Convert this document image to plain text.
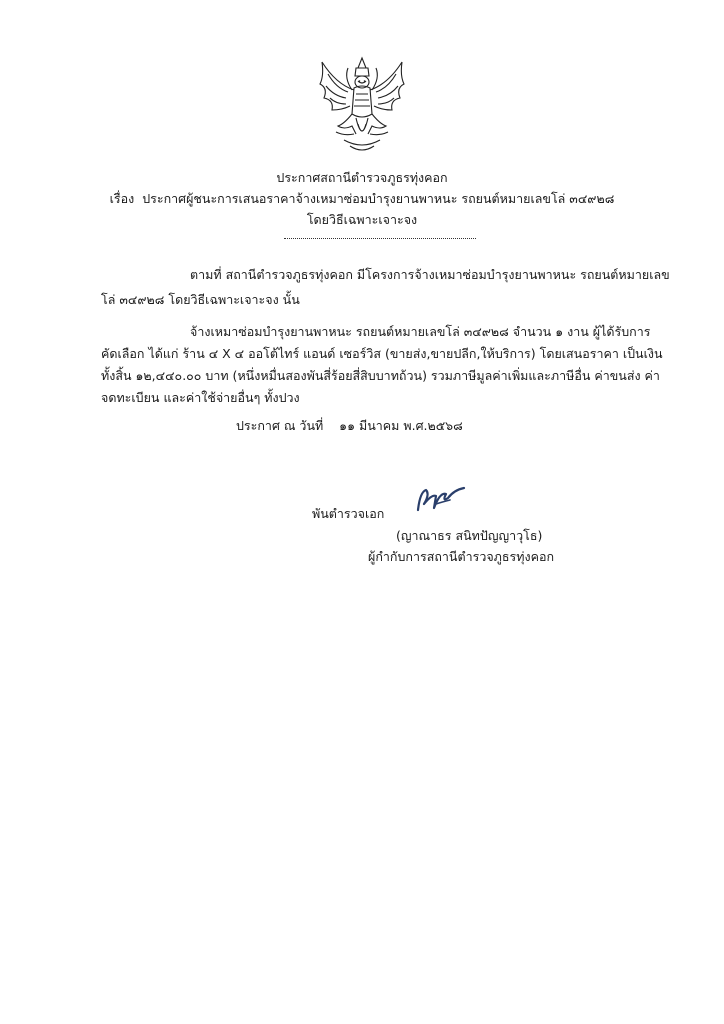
ประกาศสถานีตำรวจภูธรทุ่งคอก
เรื่อง ประกาศผู้ชนะการเสนอราคาจ้างเหมาซ่อมบำรุงยานพาหนะ รถยนต์หมายเลขโล่ ๓๔๙๒๘
โดยวิธีเฉพาะเจาะจง
ตามที่ สถานีตำรวจภูธรทุ่งคอก มีโครงการจ้างเหมาซ่อมบำรุงยานพาหนะ รถยนต์หมายเลข
โล่ ๓๔๙๒๘ โดยวิธีเฉพาะเจาะจง นั้น
จ้างเหมาซ่อมบำรุงยานพาหนะ รถยนต์หมายเลขโล่ ๓๔๙๒๘ จำนวน ๑ งาน ผู้ได้รับการ
คัดเลือก ได้แก่ ร้าน ๔ X ๔ ออโต้ไทร์ แอนด์ เซอร์วิส (ขายส่ง,ขายปลีก,ให้บริการ) โดยเสนอราคา เป็นเงิน
ทั้งสิ้น ๑๒,๔๔๐.๐๐ บาท (หนึ่งหมื่นสองพันสี่ร้อยสี่สิบบาทถ้วน) รวมภาษีมูลค่าเพิ่มและภาษีอื่น ค่าขนส่ง ค่า
จดทะเบียน และค่าใช้จ่ายอื่นๆ ทั้งปวง
ประกาศ ณ วันที่ ๑๑ มีนาคม พ.ศ.๒๕๖๘
พันตำรวจเอก
(ญาณาธร สนิทปัญญาวุโธ)
ผู้กำกับการสถานีตำรวจภูธรทุ่งคอก
